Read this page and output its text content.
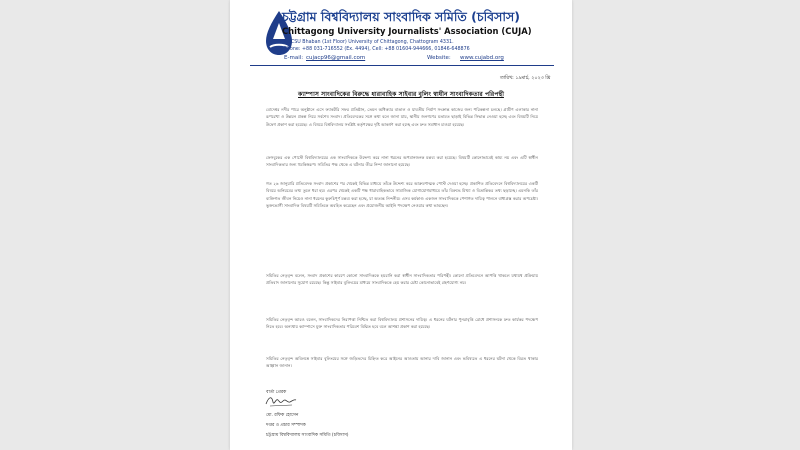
চট্টগ্রাম বিশ্ববিদ্যালয় সাংবাদিক সমিতি (চবিসাস)
Chittagong University Journalists' Association (CUJA)
CUCSU Bhaban (1st Floor) University of Chittagong, Chattogram 4331.
Phone: +88 031-716552 (Ex. 4494), Cell: +88 01604-944666, 01846-648876
E-mail: cujacp96@gmail.com	Website: www.cujabd.org
তারিখ: ১৯মার্চ, ২০২৩ খ্রি
ক্যাম্পাস সাংবাদিকের বিরুদ্ধে ধারাবাহিক সাইবার বুলিং স্বাধীন সাংবাদিকতার পরিপন্থী

বোদেশ্বর নদীর পারে অনুষ্ঠানে এসে ফ্যাকটরি সফর প্রতিষ্ঠান, তেমন অধিক্যার বাঙাল ও যাবতীয় নির্মাণ সংক্রান্ত কাজের জন্য পরিকল্পনা চলছে। গ্রামীণ এলাকার নানা রূপরেখা ও উন্নয়ন প্রকল্প নিয়ে সর্বশেষ সংবাদ। প্রতিবেদকের সঙ্গে কথা বলে জানা যায়, স্থানীয় জনগণের মতামত ছাড়াই বিভিন্ন সিদ্ধান্ত নেওয়া হচ্ছে এবং বিষয়টি নিয়ে উদ্বেগ প্রকাশ করা হয়েছে। এ বিষয়ে বিশ্ববিদ্যালয় সংশ্লিষ্ট কর্তৃপক্ষের দৃষ্টি আকর্ষণ করা হচ্ছে এবং দ্রুত সমাধান চাওয়া হয়েছে।

ফেসবুকের এক পোস্টে বিশ্ববিদ্যালয়ের এক সাংবাদিককে উদ্দেশ্য করে নানা ধরনের অপমানজনক মন্তব্য করা হয়েছে। বিষয়টি কোনোভাবেই কাম্য নয় এবং এটি স্বাধীন সাংবাদিকতার জন্য হুমকিস্বরূপ। সমিতির পক্ষ থেকে এ ঘটনার তীব্র নিন্দা জানানো হয়েছে।

গত ২৬ জানুয়ারি প্রতিবেদক সংবাদ প্রকাশের পর থেকেই বিভিন্ন মাধ্যমে তাঁকে উদ্দেশ্য করে আক্রমণাত্মক পোস্ট দেওয়া হচ্ছে। প্রকাশিত প্রতিবেদনে বিশ্ববিদ্যালয়ের একটি বিষয়ে অনিয়মের তথ্য তুলে ধরা হয়। এরপর থেকেই একটি পক্ষ ধারাবাহিকভাবে সামাজিক যোগাযোগমাধ্যমে তাঁর বিরুদ্ধে মিথ্যা ও বিভ্রান্তিকর তথ্য ছড়াচ্ছে। এমনকি তাঁর ব্যক্তিগত জীবন নিয়েও নানা ধরনের কুরুচিপূর্ণ মন্তব্য করা হচ্ছে, যা অত্যন্ত নিন্দনীয়। এসব কর্মকাণ্ড একজন সাংবাদিককে পেশাগত দায়িত্ব পালনে বাধাগ্রস্ত করার অপচেষ্টা। ভুক্তভোগী সাংবাদিক বিষয়টি সমিতিকে অবহিত করেছেন এবং প্রয়োজনীয় আইনি পদক্ষেপ নেওয়ার কথা ভাবছেন।

সমিতির নেতৃবৃন্দ বলেন, সংবাদ প্রকাশের কারণে কোনো সাংবাদিককে হয়রানি করা স্বাধীন সাংবাদিকতার পরিপন্থী। কোনো প্রতিবেদনে আপত্তি থাকলে যথাযথ প্রক্রিয়ায় প্রতিবাদ জানানোর সুযোগ রয়েছে। কিন্তু সাইবার বুলিংয়ের মাধ্যমে সাংবাদিককে হেয় করার চেষ্টা কোনোভাবেই গ্রহণযোগ্য নয়।

সমিতির নেতৃবৃন্দ আরও বলেন, সাংবাদিকদের নিরাপত্তা নিশ্চিত করা বিশ্ববিদ্যালয় প্রশাসনের দায়িত্ব। এ ধরনের ঘটনার পুনরাবৃত্তি রোধে প্রশাসনকে দ্রুত কার্যকর পদক্ষেপ নিতে হবে। অন্যথায় ক্যাম্পাসে মুক্ত সাংবাদিকতার পরিবেশ বিঘ্নিত হবে বলে আশঙ্কা প্রকাশ করা হয়েছে।

সমিতির নেতৃবৃন্দ অবিলম্বে সাইবার বুলিংয়ের সঙ্গে জড়িতদের চিহ্নিত করে আইনের আওতায় আনার দাবি জানান এবং ভবিষ্যতে এ ধরনের ঘটনা থেকে বিরত থাকার আহ্বান জানান।

বার্তা প্রেরক
মো. রফিক হোসেন
দপ্তর ও প্রচার সম্পাদক
চট্টগ্রাম বিশ্ববিদ্যালয় সাংবাদিক সমিতি (চবিসাস)
